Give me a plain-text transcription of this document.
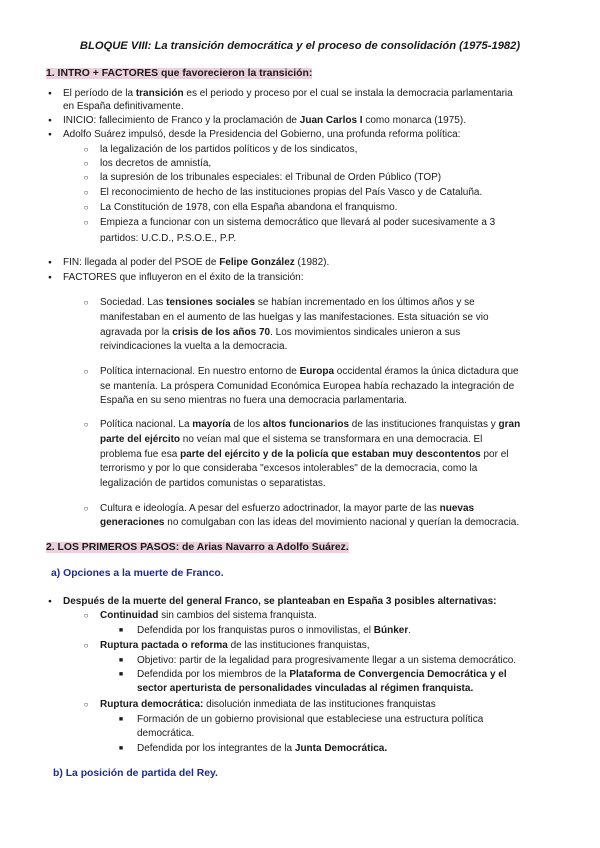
BLOQUE VIII: La transición democrática y el proceso de consolidación (1975-1982)
1. INTRO + FACTORES que favorecieron la transición:
●
El período de la transición es el periodo y proceso por el cual se instala la democracia parlamentaria
en España definitivamente.
●
INICIO: fallecimiento de Franco y la proclamación de Juan Carlos I como monarca (1975).
●
Adolfo Suárez impulsó, desde la Presidencia del Gobierno, una profunda reforma política:
○
la legalización de los partidos políticos y de los sindicatos,
○
los decretos de amnistía,
○
la supresión de los tribunales especiales: el Tribunal de Orden Público (TOP)
○
El reconocimiento de hecho de las instituciones propias del País Vasco y de Cataluña.
○
La Constitución de 1978, con ella España abandona el franquismo.
○
Empieza a funcionar con un sistema democrático que llevará al poder sucesivamente a 3
partidos: U.C.D., P.S.O.E., P.P.
●
FIN: llegada al poder del PSOE de Felipe González (1982).
●
FACTORES que influyeron en el éxito de la transición:
○
Sociedad. Las tensiones sociales se habían incrementado en los últimos años y se
manifestaban en el aumento de las huelgas y las manifestaciones. Esta situación se vio
agravada por la crisis de los años 70. Los movimientos sindicales unieron a sus
reivindicaciones la vuelta a la democracia.
○
Política internacional. En nuestro entorno de Europa occidental éramos la única dictadura que
se mantenía. La próspera Comunidad Económica Europea había rechazado la integración de
España en su seno mientras no fuera una democracia parlamentaria.
○
Política nacional. La mayoría de los altos funcionarios de las instituciones franquistas y gran
parte del ejército no veían mal que el sistema se transformara en una democracia. El
problema fue esa parte del ejército y de la policía que estaban muy descontentos por el
terrorismo y por lo que consideraba "excesos intolerables" de la democracia, como la
legalización de partidos comunistas o separatistas.
○
Cultura e ideología. A pesar del esfuerzo adoctrinador, la mayor parte de las nuevas
generaciones no comulgaban con las ideas del movimiento nacional y querían la democracia.
2. LOS PRIMEROS PASOS: de Arias Navarro a Adolfo Suárez.
a) Opciones a la muerte de Franco.
●
Después de la muerte del general Franco, se planteaban en España 3 posibles alternativas:
○
Continuidad sin cambios del sistema franquista.
■
Defendida por los franquistas puros o inmovilistas, el Búnker.
○
Ruptura pactada o reforma de las instituciones franquistas,
■
Objetivo: partir de la legalidad para progresivamente llegar a un sistema democrático.
■
Defendida por los miembros de la Plataforma de Convergencia Democrática y el
sector aperturista de personalidades vinculadas al régimen franquista.
○
Ruptura democrática: disolución inmediata de las instituciones franquistas
■
Formación de un gobierno provisional que estableciese una estructura política
democrática.
■
Defendida por los integrantes de la Junta Democrática.
b) La posición de partida del Rey.
